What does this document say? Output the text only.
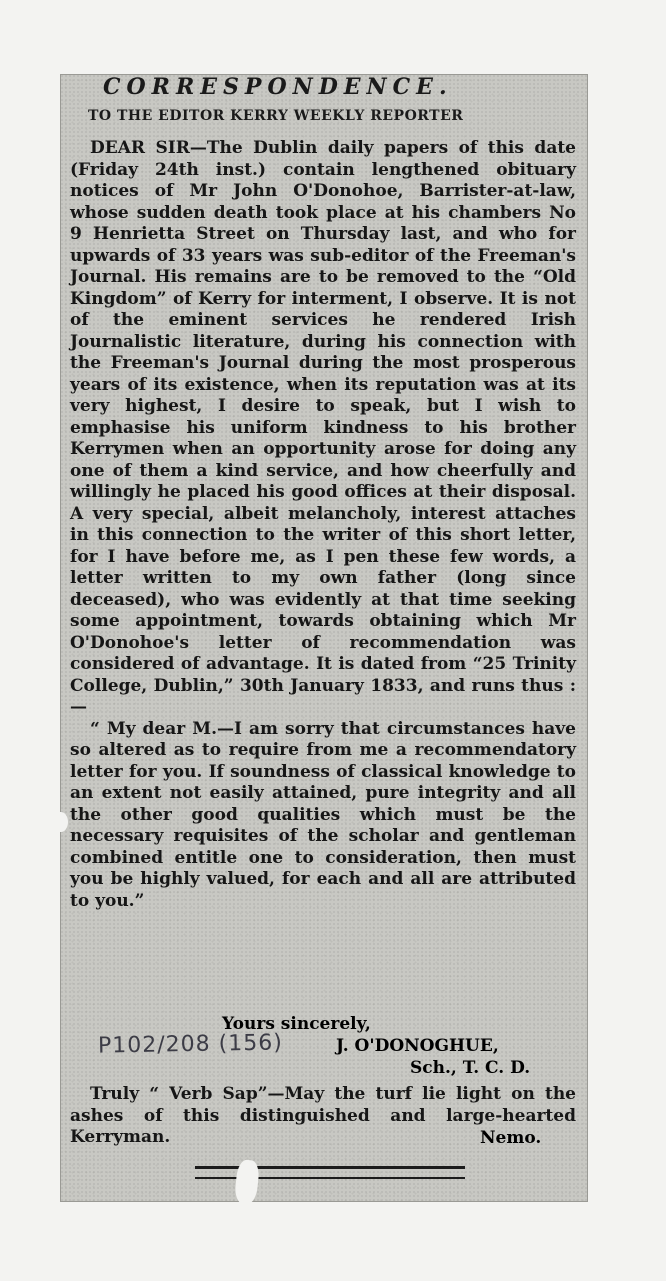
CORRESPONDENCE.
TO THE EDITOR KERRY WEEKLY REPORTER

DEAR SIR—The Dublin daily papers of this date (Friday 24th inst.) contain lengthened obituary notices of Mr John O'Donohoe, Barrister-at-law, whose sudden death took place at his chambers No 9 Henrietta Street on Thursday last, and who for upwards of 33 years was sub-editor of the Freeman's Journal. His remains are to be removed to the “Old Kingdom” of Kerry for interment, I observe. It is not of the eminent services he rendered Irish Journalistic literature, during his connection with the Freeman's Journal during the most prosperous years of its existence, when its reputation was at its very highest, I desire to speak, but I wish to emphasise his uniform kindness to his brother Kerrymen when an opportunity arose for doing any one of them a kind service, and how cheerfully and willingly he placed his good offices at their disposal. A very special, albeit melancholy, interest attaches in this connection to the writer of this short letter, for I have before me, as I pen these few words, a letter written to my own father (long since deceased), who was evidently at that time seeking some appointment, towards obtaining which Mr O'Donohoe's letter of recommendation was considered of advantage. It is dated from “25 Trinity College, Dublin,” 30th January 1833, and runs thus :—

“ My dear M.—I am sorry that circumstances have so altered as to require from me a recommendatory letter for you. If soundness of classical knowledge to an extent not easily attained, pure integrity and all the other good qualities which must be the necessary requisites of the scholar and gentleman combined entitle one to consideration, then must you be highly valued, for each and all are attributed to you.”

Yours sincerely,
P102/208 (156)	J. O'DONOGHUE,
Sch., T. C. D.

Truly “ Verb Sap”—May the turf lie light on the ashes of this distinguished and large-hearted Kerryman.	Nemo.
